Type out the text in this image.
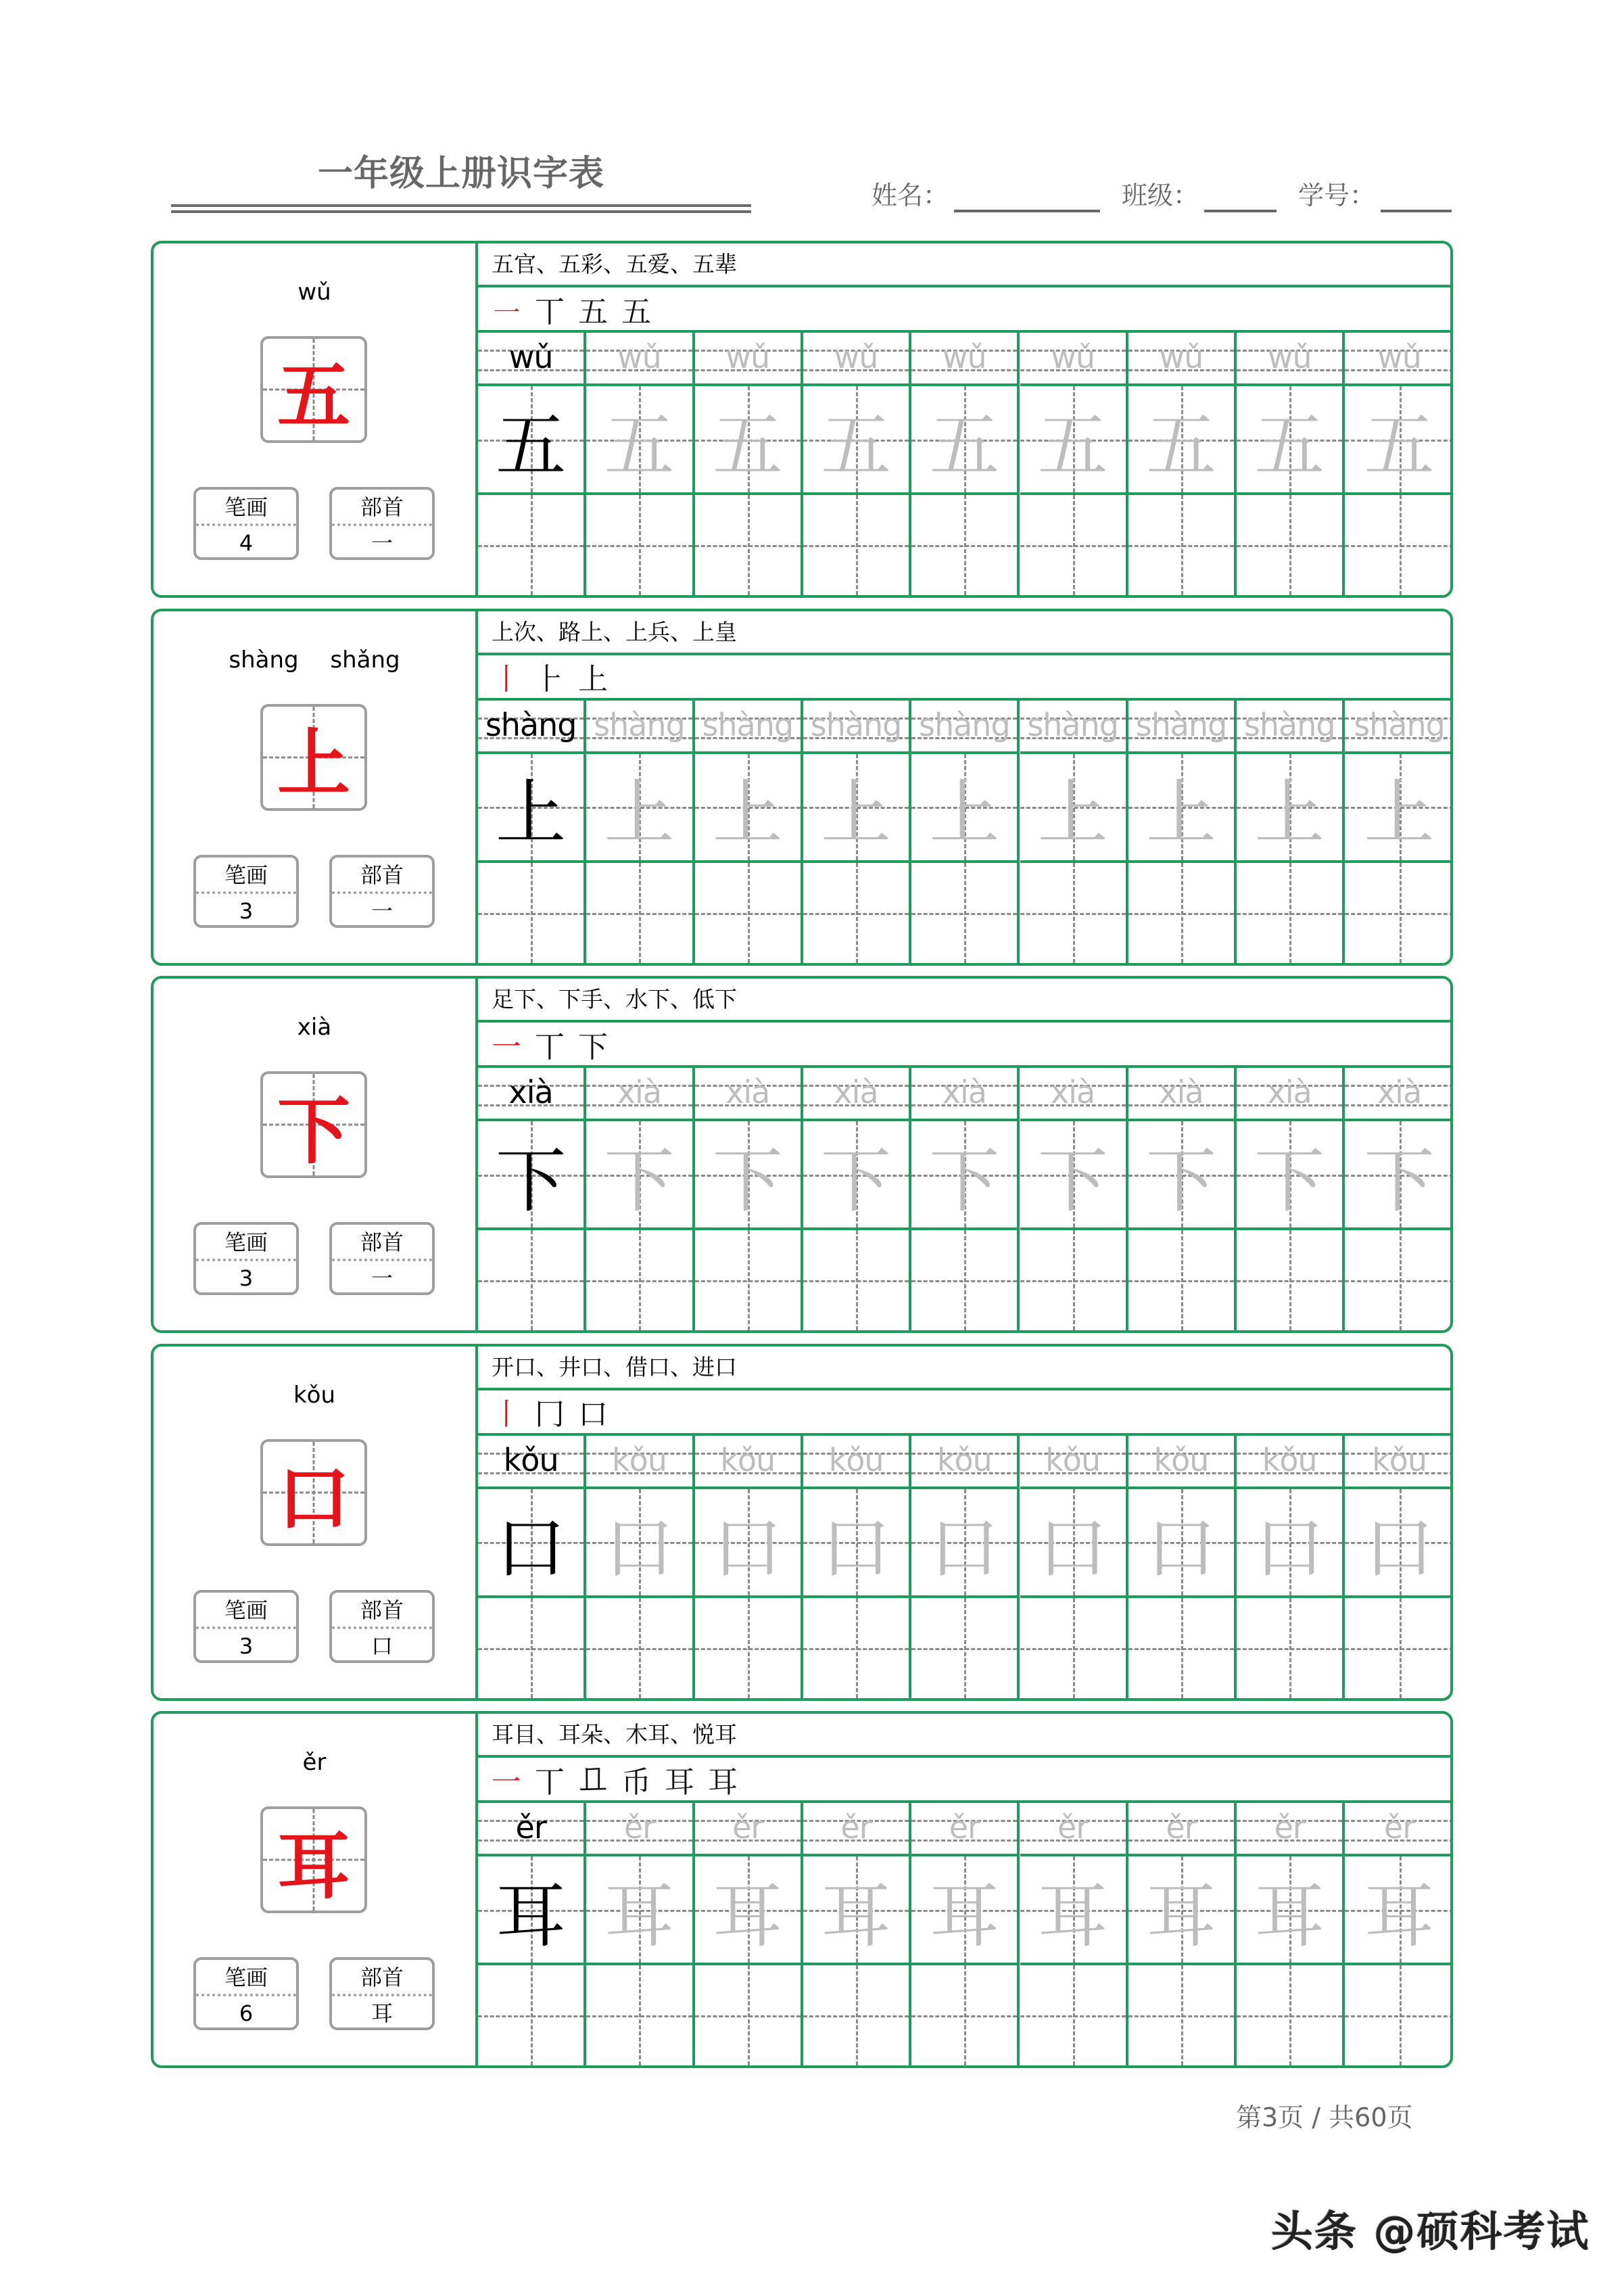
一年级上册识字表
姓名：	班级：	学号：
wǔ
五
笔画
4
部首
一
五官、五彩、五爱、五辈
㇐ 丅 五 五
wǔ
五
wǔ
五
wǔ
五
wǔ
五
wǔ
五
wǔ
五
wǔ
五
wǔ
五
wǔ
五
shàng shǎng
上
笔画
3
部首
一
上次、路上、上兵、上皇
丨 ⺊ 上
shàng
上
shàng
上
shàng
上
shàng
上
shàng
上
shàng
上
shàng
上
shàng
上
shàng
上
xià
下
笔画
3
部首
一
足下、下手、水下、低下
一 丅 下
xià
下
xià
下
xià
下
xià
下
xià
下
xià
下
xià
下
xià
下
xià
下
kǒu
口
笔画
3
部首
口
开口、井口、借口、进口
丨 冂 口
kǒu
口
kǒu
口
kǒu
口
kǒu
口
kǒu
口
kǒu
口
kǒu
口
kǒu
口
kǒu
口
ěr
耳
笔画
6
部首
耳
耳目、耳朵、木耳、悦耳
一 丅 𠀃 币 耳 耳
ěr
耳
ěr
耳
ěr
耳
ěr
耳
ěr
耳
ěr
耳
ěr
耳
ěr
耳
ěr
耳
第3页 / 共60页
头条 @硕科考试
